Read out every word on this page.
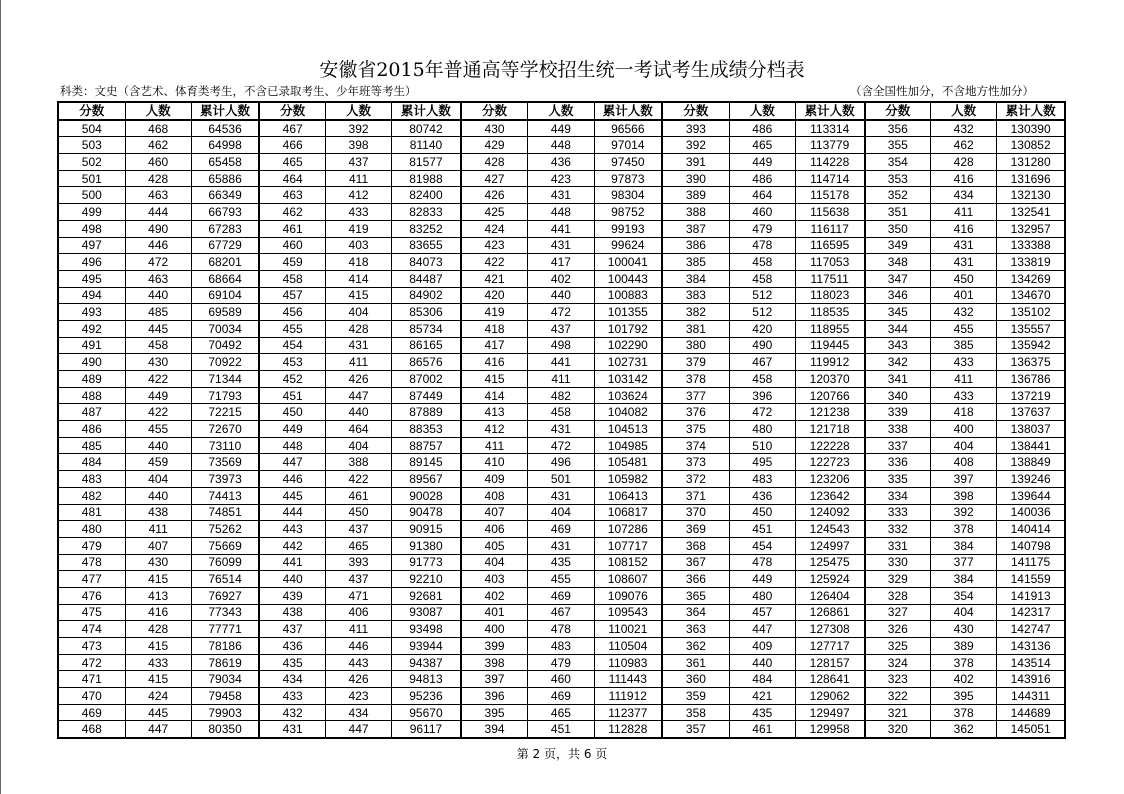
安徽省2015年普通高等学校招生统一考试考生成绩分档表
科类：文史（含艺术、体育类考生，不含已录取考生、少年班等考生）	（含全国性加分，不含地方性加分）
分数	人数	累计人数	分数	人数	累计人数	分数	人数	累计人数	分数	人数	累计人数	分数	人数	累计人数
504	468	64536	467	392	80742	430	449	96566	393	486	113314	356	432	130390
503	462	64998	466	398	81140	429	448	97014	392	465	113779	355	462	130852
502	460	65458	465	437	81577	428	436	97450	391	449	114228	354	428	131280
501	428	65886	464	411	81988	427	423	97873	390	486	114714	353	416	131696
500	463	66349	463	412	82400	426	431	98304	389	464	115178	352	434	132130
499	444	66793	462	433	82833	425	448	98752	388	460	115638	351	411	132541
498	490	67283	461	419	83252	424	441	99193	387	479	116117	350	416	132957
497	446	67729	460	403	83655	423	431	99624	386	478	116595	349	431	133388
496	472	68201	459	418	84073	422	417	100041	385	458	117053	348	431	133819
495	463	68664	458	414	84487	421	402	100443	384	458	117511	347	450	134269
494	440	69104	457	415	84902	420	440	100883	383	512	118023	346	401	134670
493	485	69589	456	404	85306	419	472	101355	382	512	118535	345	432	135102
492	445	70034	455	428	85734	418	437	101792	381	420	118955	344	455	135557
491	458	70492	454	431	86165	417	498	102290	380	490	119445	343	385	135942
490	430	70922	453	411	86576	416	441	102731	379	467	119912	342	433	136375
489	422	71344	452	426	87002	415	411	103142	378	458	120370	341	411	136786
488	449	71793	451	447	87449	414	482	103624	377	396	120766	340	433	137219
487	422	72215	450	440	87889	413	458	104082	376	472	121238	339	418	137637
486	455	72670	449	464	88353	412	431	104513	375	480	121718	338	400	138037
485	440	73110	448	404	88757	411	472	104985	374	510	122228	337	404	138441
484	459	73569	447	388	89145	410	496	105481	373	495	122723	336	408	138849
483	404	73973	446	422	89567	409	501	105982	372	483	123206	335	397	139246
482	440	74413	445	461	90028	408	431	106413	371	436	123642	334	398	139644
481	438	74851	444	450	90478	407	404	106817	370	450	124092	333	392	140036
480	411	75262	443	437	90915	406	469	107286	369	451	124543	332	378	140414
479	407	75669	442	465	91380	405	431	107717	368	454	124997	331	384	140798
478	430	76099	441	393	91773	404	435	108152	367	478	125475	330	377	141175
477	415	76514	440	437	92210	403	455	108607	366	449	125924	329	384	141559
476	413	76927	439	471	92681	402	469	109076	365	480	126404	328	354	141913
475	416	77343	438	406	93087	401	467	109543	364	457	126861	327	404	142317
474	428	77771	437	411	93498	400	478	110021	363	447	127308	326	430	142747
473	415	78186	436	446	93944	399	483	110504	362	409	127717	325	389	143136
472	433	78619	435	443	94387	398	479	110983	361	440	128157	324	378	143514
471	415	79034	434	426	94813	397	460	111443	360	484	128641	323	402	143916
470	424	79458	433	423	95236	396	469	111912	359	421	129062	322	395	144311
469	445	79903	432	434	95670	395	465	112377	358	435	129497	321	378	144689
468	447	80350	431	447	96117	394	451	112828	357	461	129958	320	362	145051
第 2 页，共 6 页
